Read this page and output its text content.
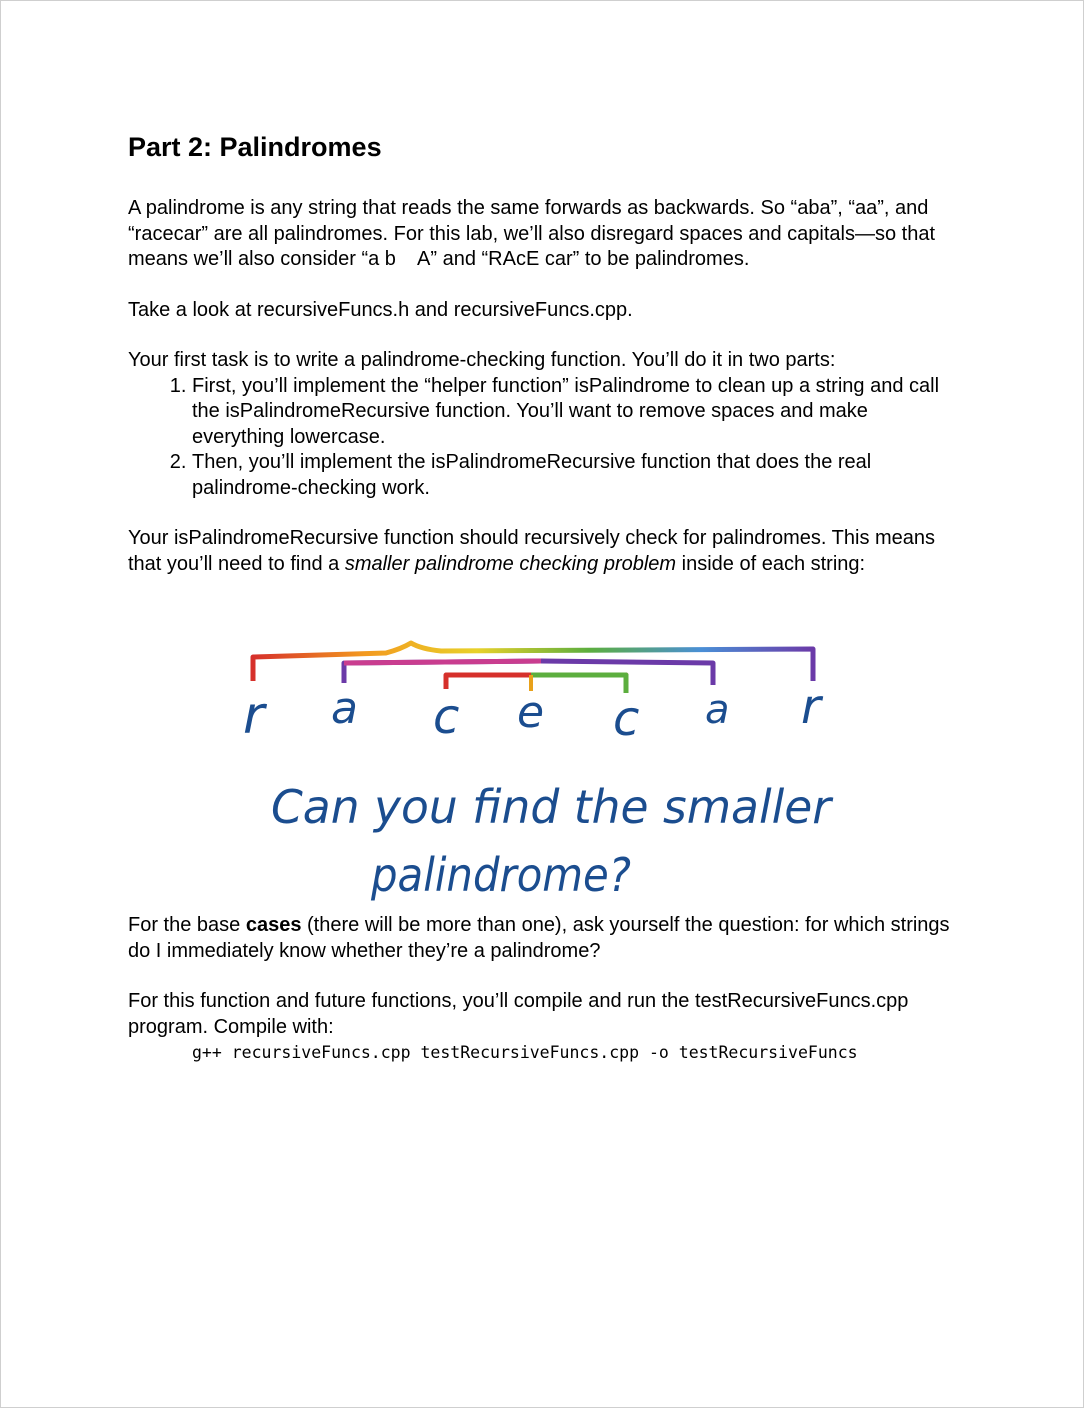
Part 2: Palindromes

A palindrome is any string that reads the same forwards as backwards. So “aba”, “aa”, and “racecar” are all palindromes. For this lab, we’ll also disregard spaces and capitals—so that means we’ll also consider “a b    A” and “RAcE car” to be palindromes.

Take a look at recursiveFuncs.h and recursiveFuncs.cpp.

Your first task is to write a palindrome-checking function. You’ll do it in two parts:

1. First, you’ll implement the “helper function” isPalindrome to clean up a string and call the isPalindromeRecursive function. You’ll want to remove spaces and make everything lowercase.
2. Then, you’ll implement the isPalindromeRecursive function that does the real palindrome-checking work.

Your isPalindromeRecursive function should recursively check for palindromes. This means that you’ll need to find a smaller palindrome checking problem inside of each string:

For the base cases (there will be more than one), ask yourself the question: for which strings do I immediately know whether they’re a palindrome?

For this function and future functions, you’ll compile and run the testRecursiveFuncs.cpp program. Compile with:

g++ recursiveFuncs.cpp testRecursiveFuncs.cpp -o testRecursiveFuncs
r a c e c a r
Can you find the smaller
palindrome?
